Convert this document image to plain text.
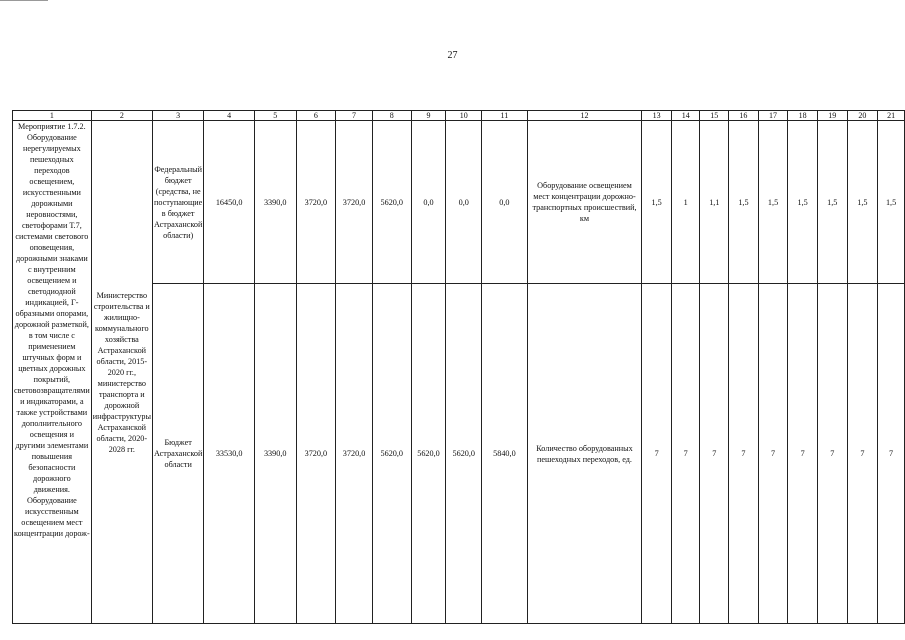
27
1	2	3	4	5	6	7	8	9	10	11	12	13	14	15	16	17	18	19	20	21
Мероприятие 1.7.2. Оборудование нерегулируемых пешеходных переходов освещением, искусственными дорожными неровностями, светофорами Т.7, системами светового оповещения, дорожными знаками с внутренним освещением и светодиодной индикацией, Г-образными опорами, дорожной разметкой, в том числе с применением штучных форм и цветных дорожных покрытий, световозвращателями и индикаторами, а также устройствами дополнительного освещения и другими элементами повышения безопасности дорожного движения. Оборудование искусственным освещением мест концентрации дорож-	Министерство строительства и жилищно-коммунального хозяйства Астраханской области, 2015-2020 гг., министерство транспорта и дорожной инфраструктуры Астраханской области, 2020-2028 гг.	Федеральный бюджет (средства, не поступающие в бюджет Астраханской области)	16450,0	3390,0	3720,0	3720,0	5620,0	0,0	0,0	0,0	Оборудование освещением мест концентрации дорожно-транспортных происшествий, км	1,5	1	1,1	1,5	1,5	1,5	1,5	1,5	1,5
		Бюджет Астраханской области	33530,0	3390,0	3720,0	3720,0	5620,0	5620,0	5620,0	5840,0	Количество оборудованных пешеходных переходов, ед.	7	7	7	7	7	7	7	7	7
